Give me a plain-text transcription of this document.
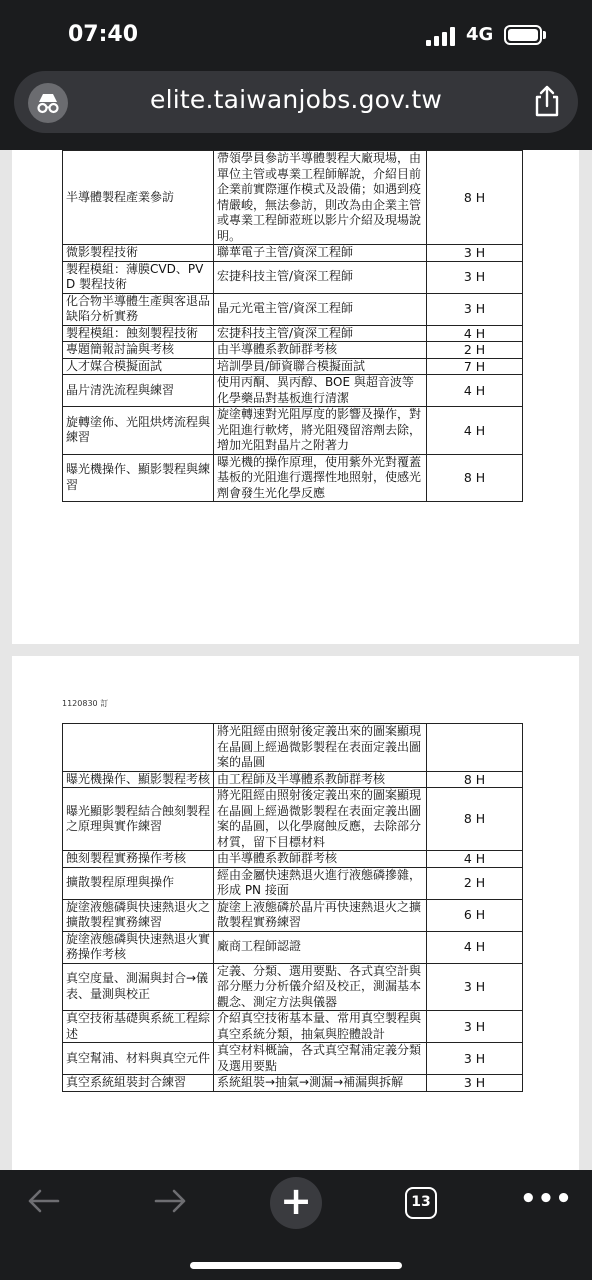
07:40	4G
elite.taiwanjobs.gov.tw
半導體製程產業參訪	帶領學員參訪半導體製程大廠現場，由單位主管或專業工程師解說，介紹目前企業前實際運作模式及設備；如遇到疫情嚴峻，無法參訪，則改為由企業主管或專業工程師蒞班以影片介紹及現場說明。	8 H
微影製程技術	聯華電子主管/資深工程師	3 H
製程模組：薄膜CVD、PVD 製程技術	宏捷科技主管/資深工程師	3 H
化合物半導體生產與客退品缺陷分析實務	晶元光電主管/資深工程師	3 H
製程模組：蝕刻製程技術	宏捷科技主管/資深工程師	4 H
專題簡報討論與考核	由半導體系教師群考核	2 H
人才媒合模擬面試	培訓學員/師資聯合模擬面試	7 H
晶片清洗流程與練習	使用丙酮、異丙醇、BOE 與超音波等化學藥品對基板進行清潔	4 H
旋轉塗佈、光阻烘烤流程與練習	旋塗轉速對光阻厚度的影響及操作，對光阻進行軟烤，將光阻殘留溶劑去除，增加光阻對晶片之附著力	4 H
曝光機操作、顯影製程與練習	曝光機的操作原理，使用紫外光對覆蓋基板的光阻進行選擇性地照射，使感光劑會發生光化學反應	8 H
1120830 訂
	將光阻經由照射後定義出來的圖案顯現在晶圓上經過微影製程在表面定義出圖案的晶圓	
曝光機操作、顯影製程考核	由工程師及半導體系教師群考核	8 H
曝光顯影製程結合蝕刻製程之原理與實作練習	將光阻經由照射後定義出來的圖案顯現在晶圓上經過微影製程在表面定義出圖案的晶圓，以化學腐蝕反應，去除部分材質，留下目標材料	8 H
蝕刻製程實務操作考核	由半導體系教師群考核	4 H
擴散製程原理與操作	經由金屬快速熱退火進行液態磷摻雜，形成 PN 接面	2 H
旋塗液態磷與快速熱退火之擴散製程實務練習	旋塗上液態磷於晶片再快速熱退火之擴散製程實務練習	6 H
旋塗液態磷與快速熱退火實務操作考核	廠商工程師認證	4 H
真空度量、測漏與封合→儀表、量測與校正	定義、分類、選用要點、各式真空計與部分壓力分析儀介紹及校正，測漏基本觀念、測定方法與儀器	3 H
真空技術基礎與系統工程綜述	介紹真空技術基本量、常用真空製程與真空系統分類，抽氣與腔體設計	3 H
真空幫浦、材料與真空元件	真空材料概論，各式真空幫浦定義分類及選用要點	3 H
真空系統組裝封合練習	系統組裝→抽氣→測漏→補漏與拆解	3 H
+	13	•••
